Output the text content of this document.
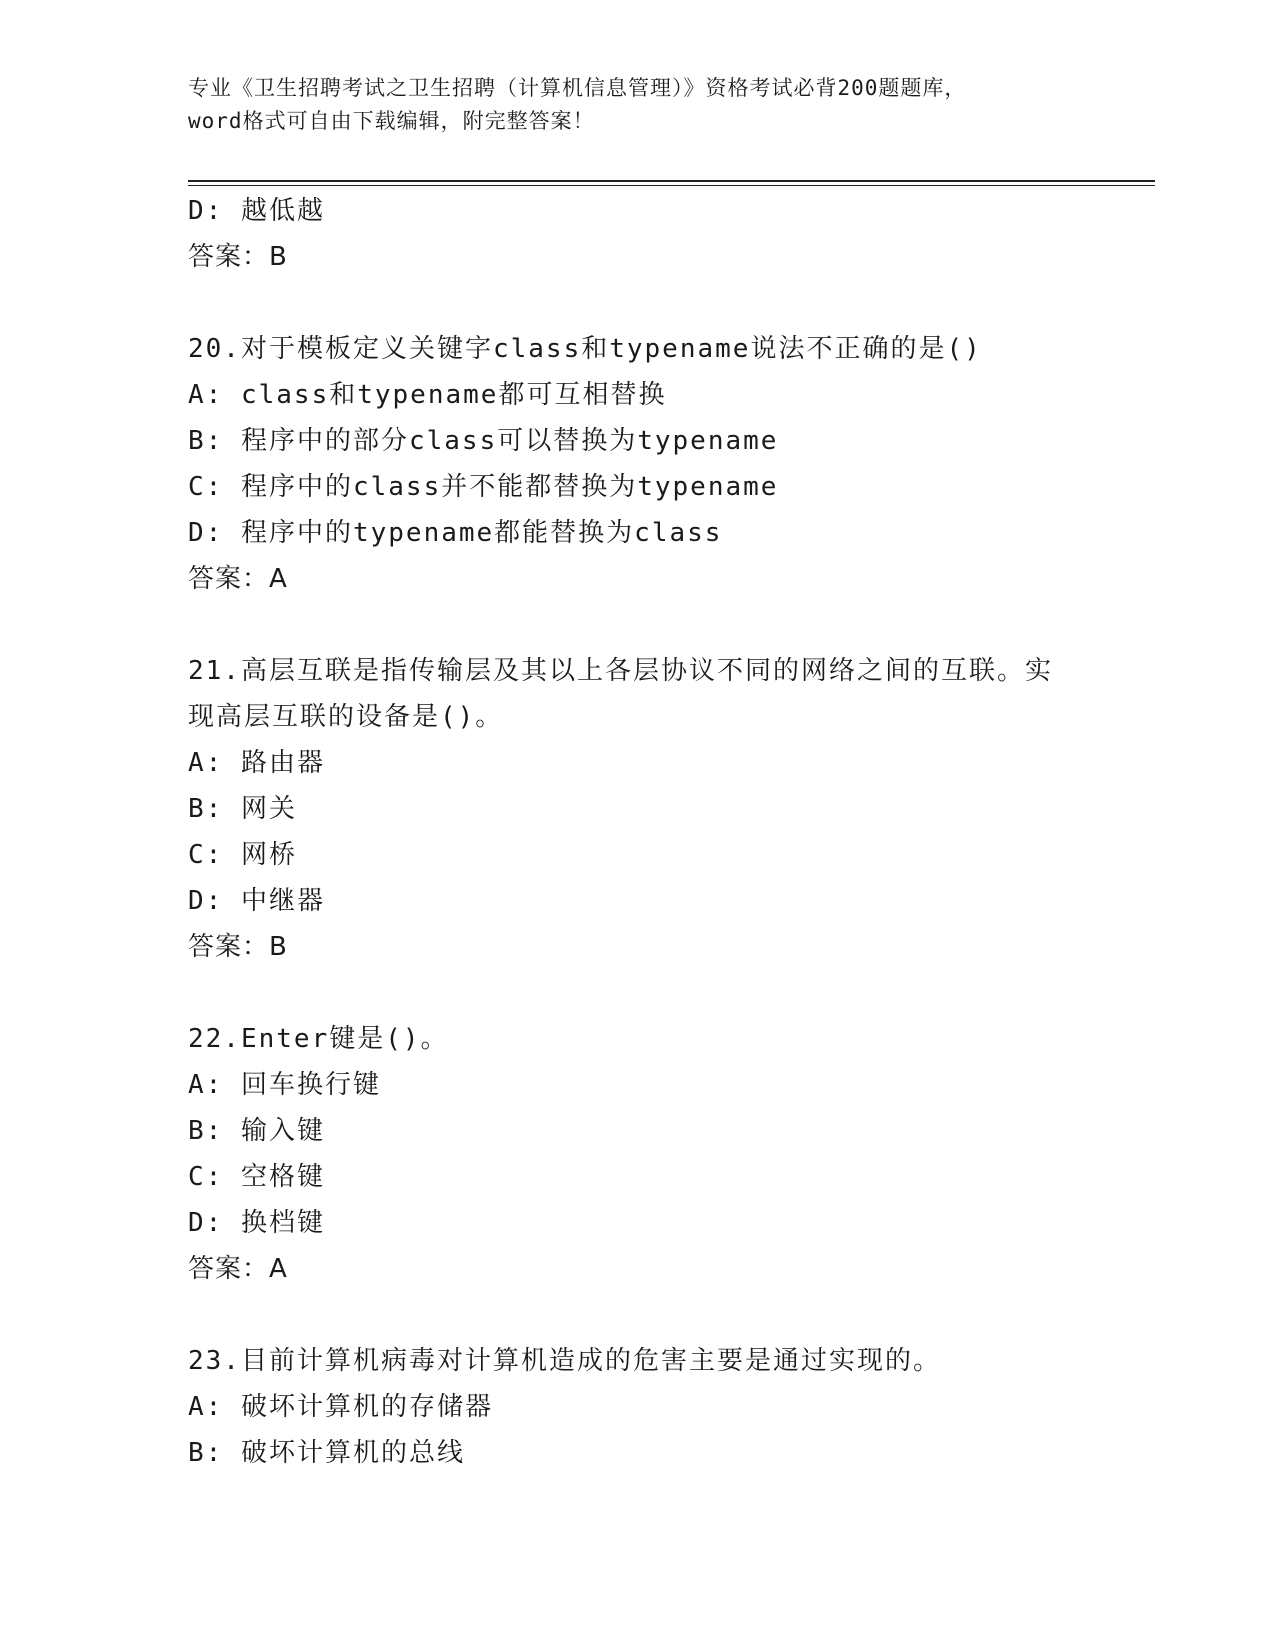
专业《卫生招聘考试之卫生招聘（计算机信息管理）》资格考试必背200题题库，
word格式可自由下载编辑，附完整答案！
D: 越低越
答案：B
20.对于模板定义关键字class和typename说法不正确的是()
A: class和typename都可互相替换
B: 程序中的部分class可以替换为typename
C: 程序中的class并不能都替换为typename
D: 程序中的typename都能替换为class
答案：A
21.高层互联是指传输层及其以上各层协议不同的网络之间的互联。实
现高层互联的设备是()。
A: 路由器
B: 网关
C: 网桥
D: 中继器
答案：B
22.Enter键是()。
A: 回车换行键
B: 输入键
C: 空格键
D: 换档键
答案：A
23.目前计算机病毒对计算机造成的危害主要是通过实现的。
A: 破坏计算机的存储器
B: 破坏计算机的总线
